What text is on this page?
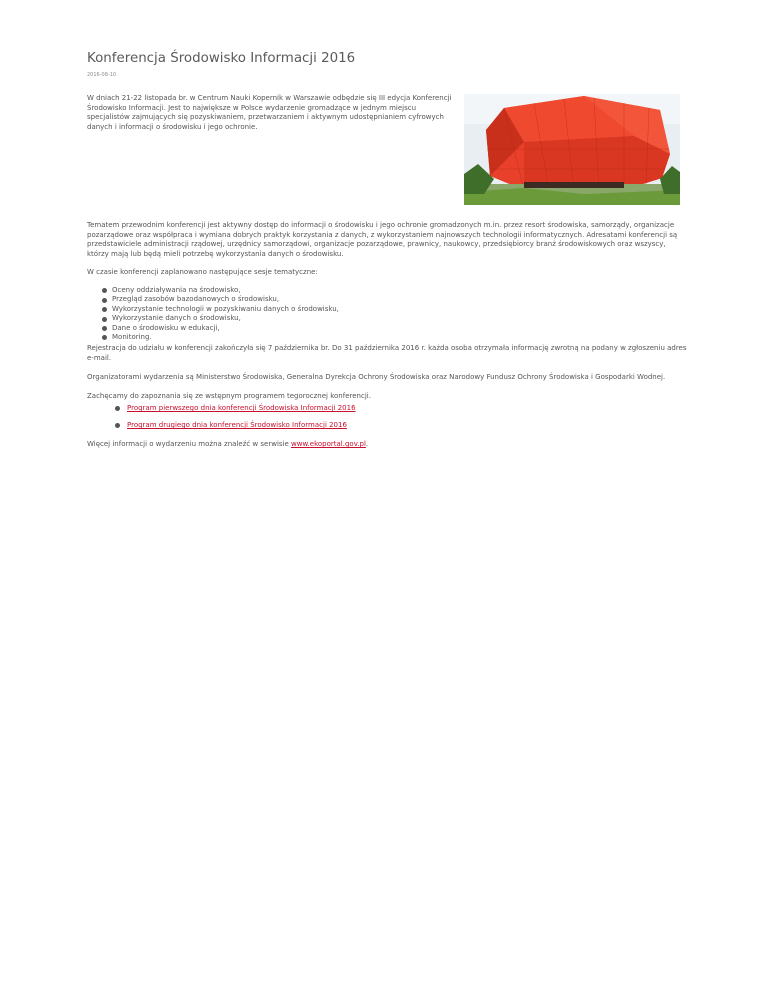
Konferencja Środowisko Informacji 2016
2016-08-10

W dniach 21-22 listopada br. w Centrum Nauki Kopernik w Warszawie odbędzie się III edycja Konferencji Środowisko Informacji. Jest to największe w Polsce wydarzenie gromadzące w jednym miejscu specjalistów zajmujących się pozyskiwaniem, przetwarzaniem i aktywnym udostępnianiem cyfrowych danych i informacji o środowisku i jego ochronie.

Tematem przewodnim konferencji jest aktywny dostęp do informacji o środowisku i jego ochronie gromadzonych m.in. przez resort środowiska, samorządy, organizacje pozarządowe oraz współpraca i wymiana dobrych praktyk korzystania z danych, z wykorzystaniem najnowszych technologii informatycznych. Adresatami konferencji są przedstawiciele administracji rządowej, urzędnicy samorządowi, organizacje pozarządowe, prawnicy, naukowcy, przedsiębiorcy branż środowiskowych oraz wszyscy, którzy mają lub będą mieli potrzebę wykorzystania danych o środowisku.

W czasie konferencji zaplanowano następujące sesje tematyczne:

Oceny oddziaływania na środowisko,
Przegląd zasobów bazodanowych o środowisku,
Wykorzystanie technologii w pozyskiwaniu danych o środowisku,
Wykorzystanie danych o środowisku,
Dane o środowisku w edukacji,
Monitoring.

Rejestracja do udziału w konferencji zakończyła się 7 października br. Do 31 października 2016 r. każda osoba otrzymała informację zwrotną na podany w zgłoszeniu adres e-mail.

Organizatorami wydarzenia są Ministerstwo Środowiska, Generalna Dyrekcja Ochrony Środowiska oraz Narodowy Fundusz Ochrony Środowiska i Gospodarki Wodnej.

Zachęcamy do zapoznania się ze wstępnym programem tegorocznej konferencji.

Program pierwszego dnia konferencji Środowiska Informacji 2016
Program drugiego dnia konferencji Środowisko Informacji 2016

Więcej informacji o wydarzeniu można znaleźć w serwisie www.ekoportal.gov.pl.
